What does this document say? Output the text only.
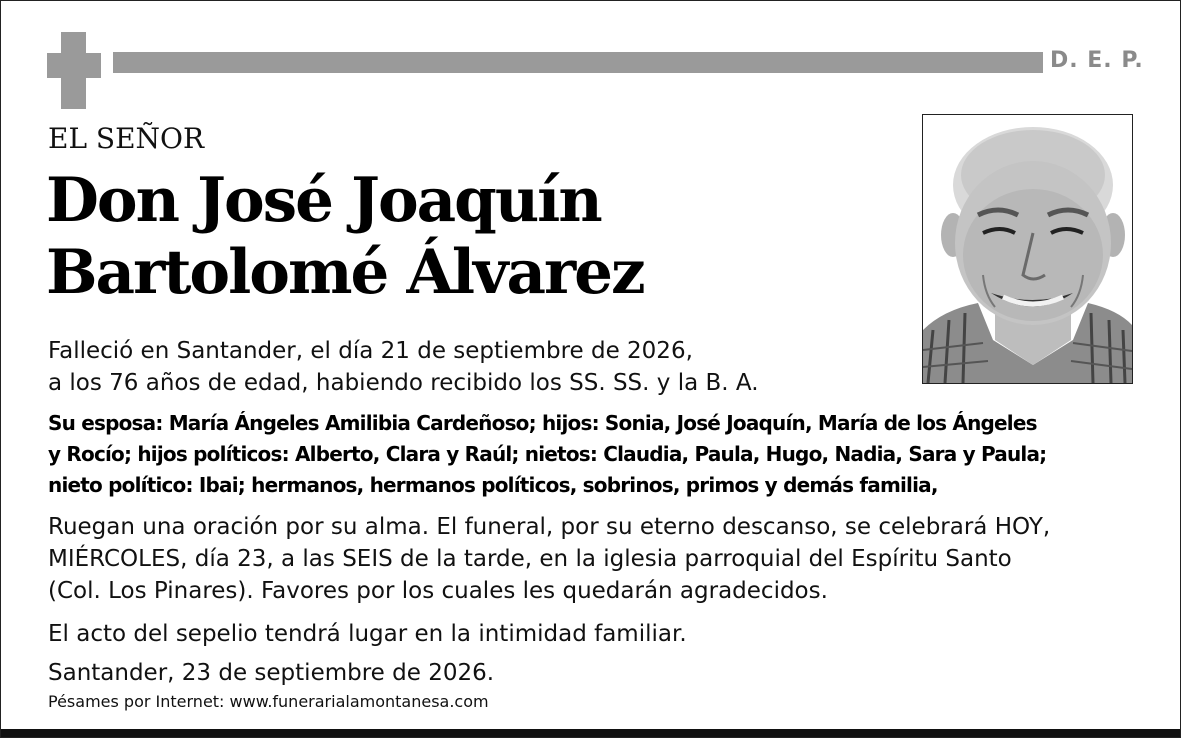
D. E. P.
EL SEÑOR
Don José Joaquín
Bartolomé Álvarez
Falleció en Santander, el día 21 de septiembre de 2026,
a los 76 años de edad, habiendo recibido los SS. SS. y la B. A.
Su esposa: María Ángeles Amilibia Cardeñoso; hijos: Sonia, José Joaquín, María de los Ángeles
y Rocío; hijos políticos: Alberto, Clara y Raúl; nietos: Claudia, Paula, Hugo, Nadia, Sara y Paula;
nieto político: Ibai; hermanos, hermanos políticos, sobrinos, primos y demás familia,
Ruegan una oración por su alma. El funeral, por su eterno descanso, se celebrará HOY,
MIÉRCOLES, día 23, a las SEIS de la tarde, en la iglesia parroquial del Espíritu Santo
(Col. Los Pinares). Favores por los cuales les quedarán agradecidos.
El acto del sepelio tendrá lugar en la intimidad familiar.
Santander, 23 de septiembre de 2026.
Pésames por Internet: www.funerarialamontanesa.com
